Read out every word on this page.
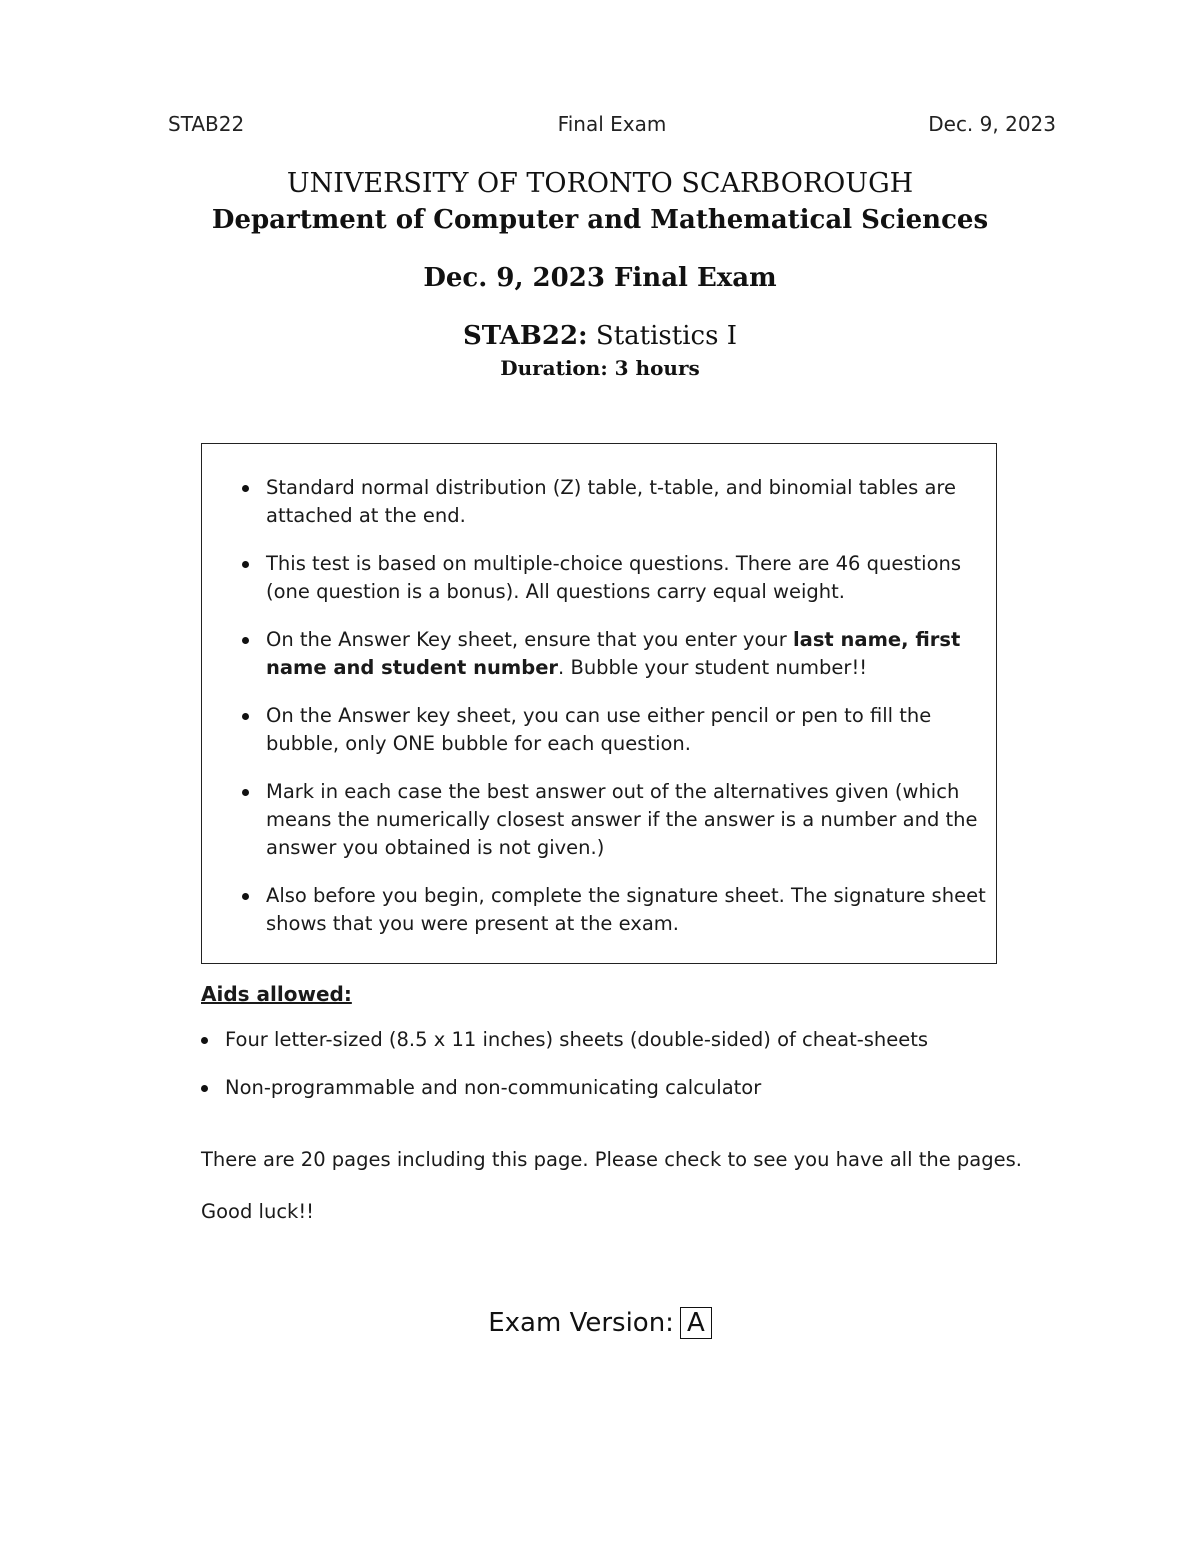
STAB22	Final Exam	Dec. 9, 2023

UNIVERSITY OF TORONTO SCARBOROUGH

Department of Computer and Mathematical Sciences

Dec. 9, 2023 Final Exam

STAB22: Statistics I

Duration: 3 hours

Standard normal distribution (Z) table, t-table, and binomial tables are attached at the end.
This test is based on multiple-choice questions. There are 46 questions (one question is a bonus). All questions carry equal weight.
On the Answer Key sheet, ensure that you enter your last name, first name and student number. Bubble your student number!!
On the Answer key sheet, you can use either pencil or pen to fill the bubble, only ONE bubble for each question.
Mark in each case the best answer out of the alternatives given (which means the numerically closest answer if the answer is a number and the answer you obtained is not given.)
Also before you begin, complete the signature sheet. The signature sheet shows that you were present at the exam.

Aids allowed:

Four letter-sized (8.5 x 11 inches) sheets (double-sided) of cheat-sheets
Non-programmable and non-communicating calculator

There are 20 pages including this page. Please check to see you have all the pages.

Good luck!!

Exam Version: A
